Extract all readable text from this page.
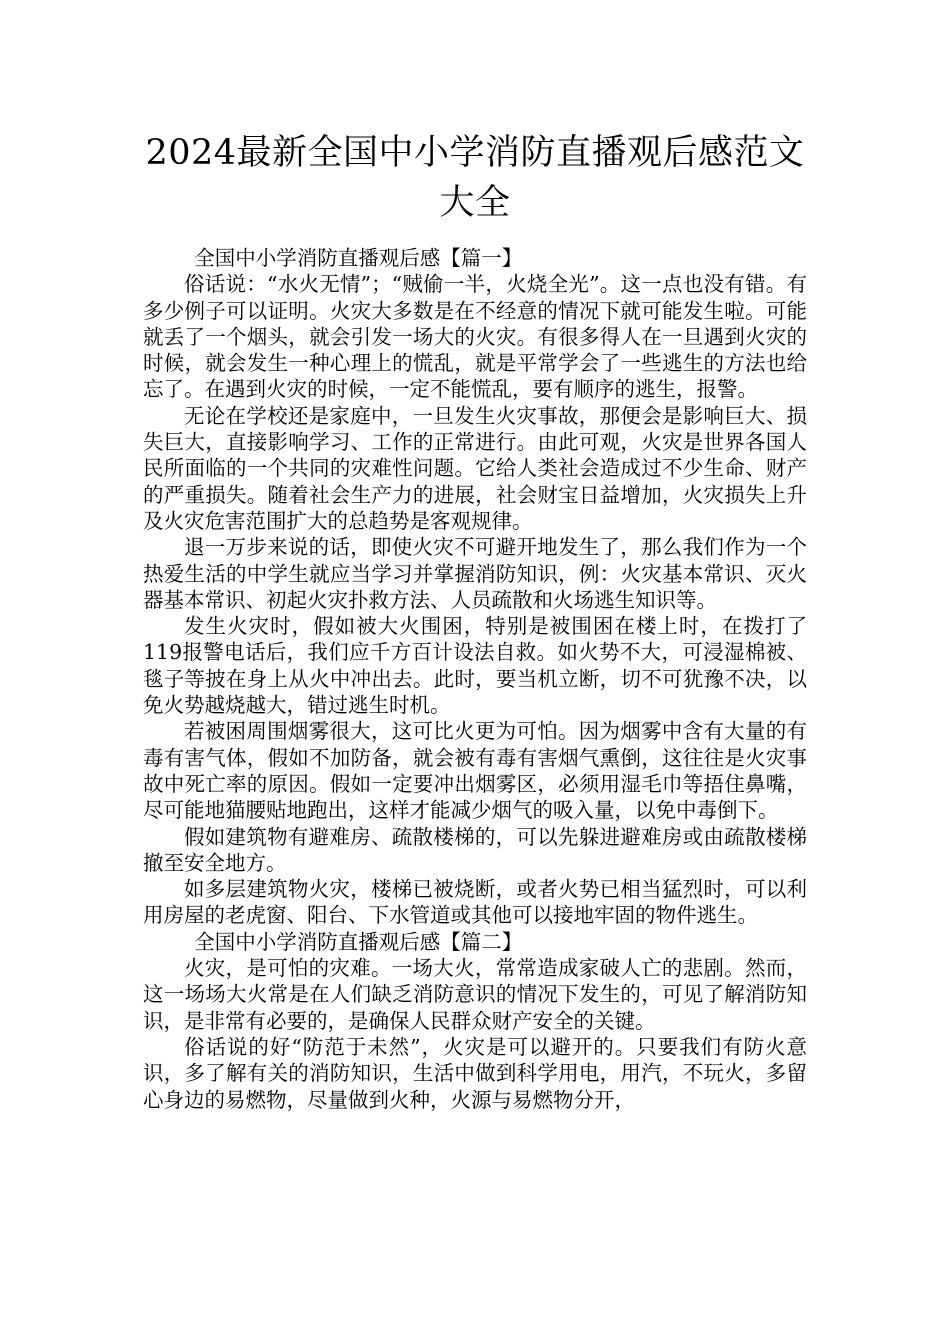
2024最新全国中小学消防直播观后感范文
大全

全国中小学消防直播观后感【篇一】

俗话说：“水火无情”；“贼偷一半，火烧全光”。这一点也没有错。有多少例子可以证明。火灾大多数是在不经意的情况下就可能发生啦。可能就丢了一个烟头，就会引发一场大的火灾。有很多得人在一旦遇到火灾的时候，就会发生一种心理上的慌乱，就是平常学会了一些逃生的方法也给忘了。在遇到火灾的时候，一定不能慌乱，要有顺序的逃生，报警。

无论在学校还是家庭中，一旦发生火灾事故，那便会是影响巨大、损失巨大，直接影响学习、工作的正常进行。由此可观，火灾是世界各国人民所面临的一个共同的灾难性问题。它给人类社会造成过不少生命、财产的严重损失。随着社会生产力的进展，社会财宝日益增加，火灾损失上升及火灾危害范围扩大的总趋势是客观规律。

退一万步来说的话，即使火灾不可避开地发生了，那么我们作为一个热爱生活的中学生就应当学习并掌握消防知识，例：火灾基本常识、灭火器基本常识、初起火灾扑救方法、人员疏散和火场逃生知识等。

发生火灾时，假如被大火围困，特别是被围困在楼上时，在拨打了119报警电话后，我们应千方百计设法自救。如火势不大，可浸湿棉被、毯子等披在身上从火中冲出去。此时，要当机立断，切不可犹豫不决，以免火势越烧越大，错过逃生时机。

若被困周围烟雾很大，这可比火更为可怕。因为烟雾中含有大量的有毒有害气体，假如不加防备，就会被有毒有害烟气熏倒，这往往是火灾事故中死亡率的原因。假如一定要冲出烟雾区，必须用湿毛巾等捂住鼻嘴，尽可能地猫腰贴地跑出，这样才能减少烟气的吸入量，以免中毒倒下。

假如建筑物有避难房、疏散楼梯的，可以先躲进避难房或由疏散楼梯撤至安全地方。

如多层建筑物火灾，楼梯已被烧断，或者火势已相当猛烈时，可以利用房屋的老虎窗、阳台、下水管道或其他可以接地牢固的物件逃生。

全国中小学消防直播观后感【篇二】

火灾，是可怕的灾难。一场大火，常常造成家破人亡的悲剧。然而，这一场场大火常是在人们缺乏消防意识的情况下发生的，可见了解消防知识，是非常有必要的，是确保人民群众财产安全的关键。

俗话说的好“防范于未然”，火灾是可以避开的。只要我们有防火意识，多了解有关的消防知识，生活中做到科学用电，用汽，不玩火，多留心身边的易燃物，尽量做到火种，火源与易燃物分开，
